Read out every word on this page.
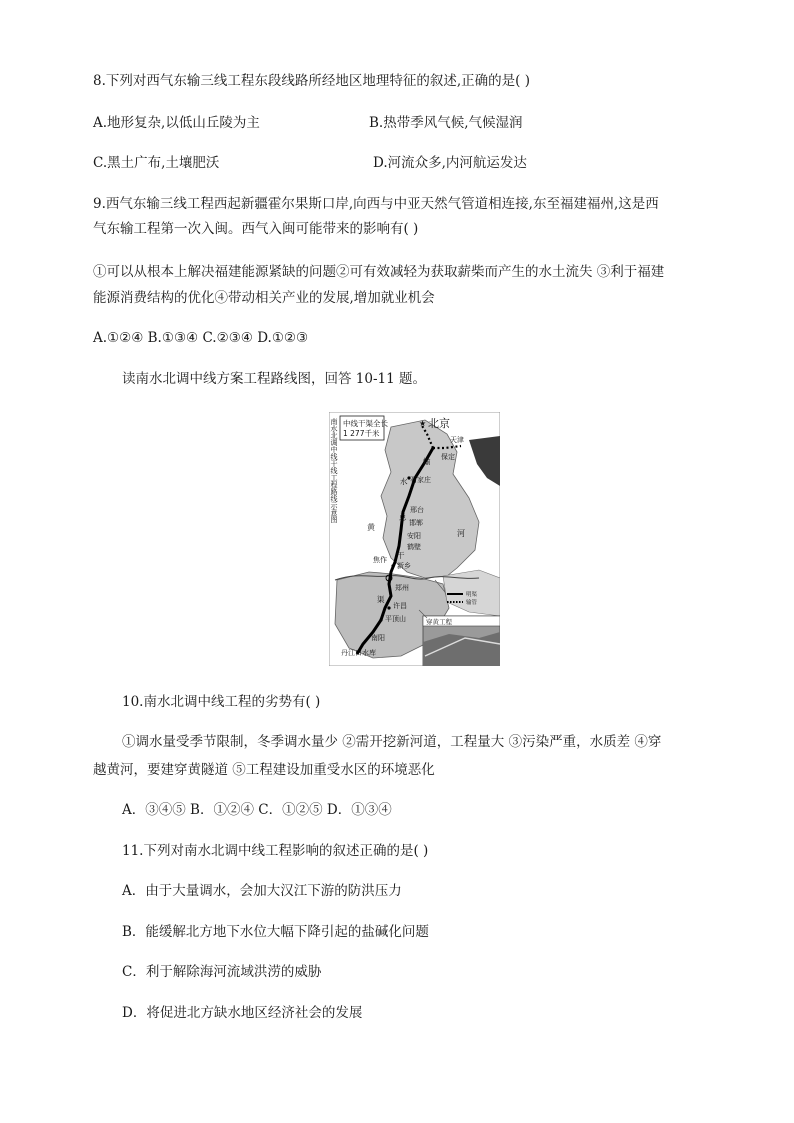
8.下列对西气东输三线工程东段线路所经地区地理特征的叙述,正确的是( )
A.地形复杂,以低山丘陵为主	B.热带季风气候,气候湿润
C.黑土广布,土壤肥沃	D.河流众多,内河航运发达
9.西气东输三线工程西起新疆霍尔果斯口岸,向西与中亚天然气管道相连接,东至福建福州,这是西
气东输工程第一次入闽。西气入闽可能带来的影响有( )
①可以从根本上解决福建能源紧缺的问题②可有效减轻为获取薪柴而产生的水土流失 ③利于福建
能源消费结构的优化④带动相关产业的发展,增加就业机会
A.①②④ B.①③④ C.②③④ D.①②③
读南水北调中线方案工程路线图，回答 10-11 题。
中线干渠全长
1 277千米
南水北调中线干线工程路线示意图	★ 北京
天津
保定
石家庄
邢台
邯郸
安阳
鹤壁
新乡
焦作
郑州
许昌
平顶山
南阳
丹江口水库
输
水
总
干
渠
黄
河
明渠
输管
穿黄工程
10.南水北调中线工程的劣势有( )
①调水量受季节限制，冬季调水量少 ②需开挖新河道，工程量大 ③污染严重，水质差 ④穿
越黄河，要建穿黄隧道 ⑤工程建设加重受水区的环境恶化
A．③④⑤ B．①②④ C．①②⑤ D．①③④
11.下列对南水北调中线工程影响的叙述正确的是( )
A．由于大量调水，会加大汉江下游的防洪压力
B．能缓解北方地下水位大幅下降引起的盐碱化问题
C．利于解除海河流域洪涝的威胁
D．将促进北方缺水地区经济社会的发展
